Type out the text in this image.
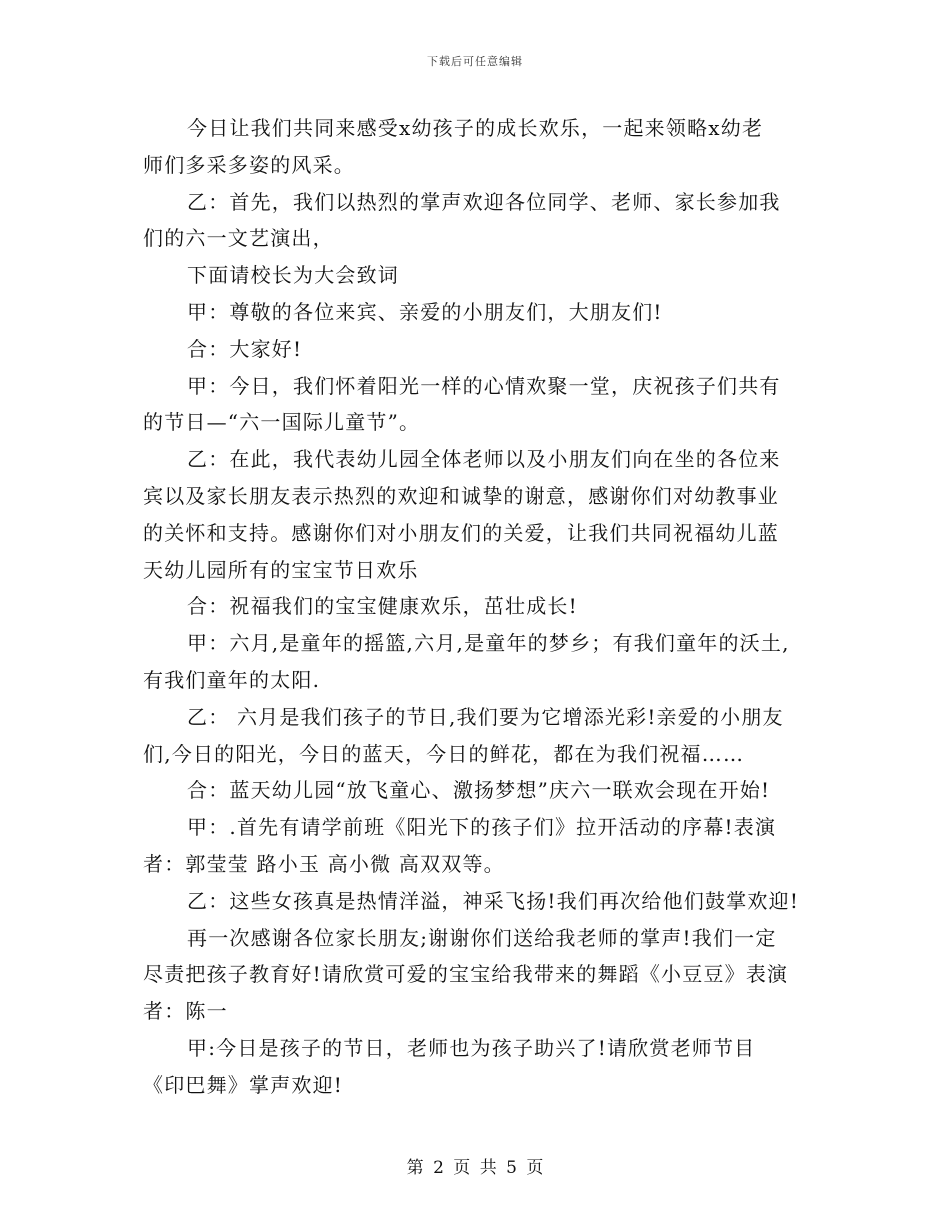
下载后可任意编辑
今日让我们共同来感受x幼孩子的成长欢乐，一起来领略x幼老
师们多采多姿的风采。
乙：首先，我们以热烈的掌声欢迎各位同学、老师、家长参加我
们的六一文艺演出，
下面请校长为大会致词
甲：尊敬的各位来宾、亲爱的小朋友们，大朋友们!
合：大家好!
甲：今日，我们怀着阳光一样的心情欢聚一堂，庆祝孩子们共有
的节日—“六一国际儿童节”。
乙：在此，我代表幼儿园全体老师以及小朋友们向在坐的各位来
宾以及家长朋友表示热烈的欢迎和诚挚的谢意，感谢你们对幼教事业
的关怀和支持。感谢你们对小朋友们的关爱，让我们共同祝福幼儿蓝
天幼儿园所有的宝宝节日欢乐
合：祝福我们的宝宝健康欢乐，茁壮成长!
甲：六月,是童年的摇篮,六月,是童年的梦乡；有我们童年的沃土,
有我们童年的太阳.
乙： 六月是我们孩子的节日,我们要为它增添光彩!亲爱的小朋友
们,今日的阳光，今日的蓝天，今日的鲜花，都在为我们祝福……
合：蓝天幼儿园“放飞童心、激扬梦想”庆六一联欢会现在开始!
甲：.首先有请学前班《阳光下的孩子们》拉开活动的序幕!表演
者：郭莹莹 路小玉 高小微 高双双等。
乙：这些女孩真是热情洋溢，神采飞扬!我们再次给他们鼓掌欢迎!
再一次感谢各位家长朋友;谢谢你们送给我老师的掌声!我们一定
尽责把孩子教育好!请欣赏可爱的宝宝给我带来的舞蹈《小豆豆》表演
者：陈一
甲:今日是孩子的节日，老师也为孩子助兴了!请欣赏老师节目
《印巴舞》掌声欢迎!
第 2 页 共 5 页
